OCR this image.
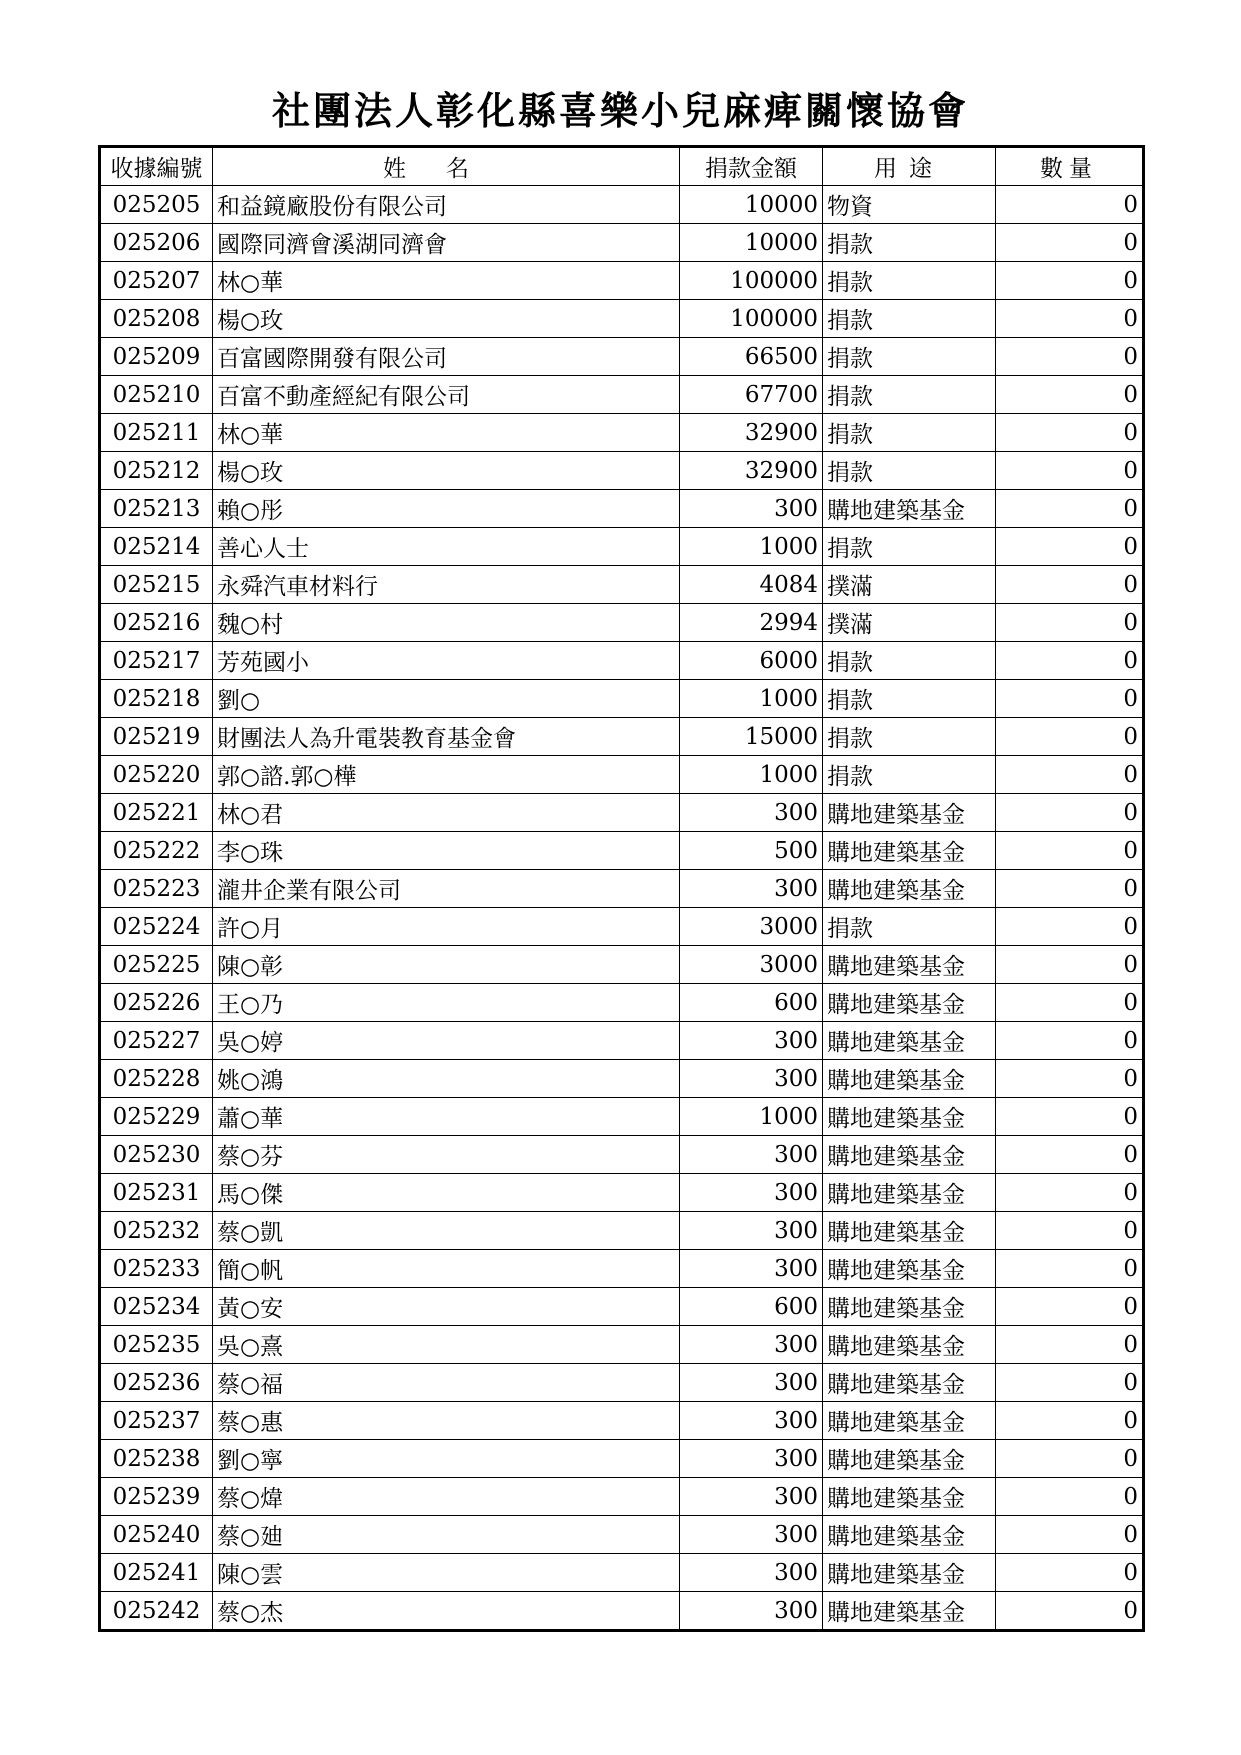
社團法人彰化縣喜樂小兒麻痺關懷協會
收據編號	姓名	捐款金額	用途	數量
025205	和益鏡廠股份有限公司	10000	物資	0
025206	國際同濟會溪湖同濟會	10000	捐款	0
025207	林○華	100000	捐款	0
025208	楊○玫	100000	捐款	0
025209	百富國際開發有限公司	66500	捐款	0
025210	百富不動產經紀有限公司	67700	捐款	0
025211	林○華	32900	捐款	0
025212	楊○玫	32900	捐款	0
025213	賴○彤	300	購地建築基金	0
025214	善心人士	1000	捐款	0
025215	永舜汽車材料行	4084	撲滿	0
025216	魏○村	2994	撲滿	0
025217	芳苑國小	6000	捐款	0
025218	劉○	1000	捐款	0
025219	財團法人為升電裝教育基金會	15000	捐款	0
025220	郭○諮.郭○樺	1000	捐款	0
025221	林○君	300	購地建築基金	0
025222	李○珠	500	購地建築基金	0
025223	瀧井企業有限公司	300	購地建築基金	0
025224	許○月	3000	捐款	0
025225	陳○彰	3000	購地建築基金	0
025226	王○乃	600	購地建築基金	0
025227	吳○婷	300	購地建築基金	0
025228	姚○鴻	300	購地建築基金	0
025229	蕭○華	1000	購地建築基金	0
025230	蔡○芬	300	購地建築基金	0
025231	馬○傑	300	購地建築基金	0
025232	蔡○凱	300	購地建築基金	0
025233	簡○帆	300	購地建築基金	0
025234	黃○安	600	購地建築基金	0
025235	吳○熹	300	購地建築基金	0
025236	蔡○福	300	購地建築基金	0
025237	蔡○惠	300	購地建築基金	0
025238	劉○寧	300	購地建築基金	0
025239	蔡○煒	300	購地建築基金	0
025240	蔡○廸	300	購地建築基金	0
025241	陳○雲	300	購地建築基金	0
025242	蔡○杰	300	購地建築基金	0
